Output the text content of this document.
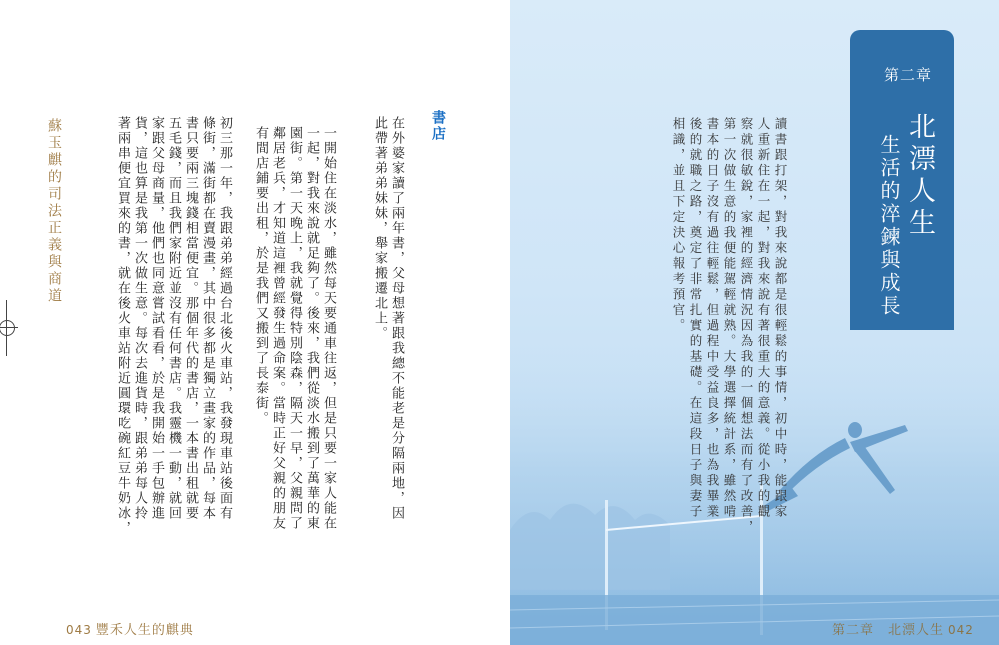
蘇玉麒的司法正義與商道	書店
在外婆家讀了兩年書，父母想著跟我總不能老是分隔兩地，因
此帶著弟弟妹妹，舉家搬遷北上。
一開始住在淡水，雖然每天要通車往返，但是只要一家人能在
一起，對我來說就足夠了。後來，我們從淡水搬到了萬華的東
園街。第一天晚上，我就覺得特別陰森，隔天一早，父親問了
鄰居老兵，才知道這裡曾經發生過命案。當時正好父親的朋友
有間店鋪要出租，於是我們又搬到了長泰街。
初三那一年，我跟弟弟經過台北後火車站，我發現車站後面有
條街，滿街都在賣漫畫，其中很多都是獨立畫家的作品，每本
書只要兩三塊錢相當便宜。那個年代的書店，一本書出租就要
五毛錢，而且我們家附近並沒有任何書店。我靈機一動，就回
家跟父母商量，他們也同意嘗試看看，於是我開始一手包辦進
貨，這也算是我第一次做生意。每次去進貨時，跟弟弟每人拎
著兩串便宜買來的書，就在後火車站附近圓環吃碗紅豆牛奶冰，
043 豐禾人生的麒典
第二章
北漂人生
生活的淬鍊與成長
讀書跟打架，對我來說都是很輕鬆的事情，初中時，能跟家
人重新住在一起，對我來說有著很重大的意義。從小我的觀
察就很敏銳，家裡的經濟情況因為我的一個想法而有了改善，
第一次做生意的我便能駕輕就熟。大學選擇統計系，雖然啃
書本的日子沒有過往輕鬆，但過程中受益良多，也為我畢業
後的就職之路，奠定了非常扎實的基礎。在這段日子與妻子
相識，並且下定決心報考預官。
第二章　北漂人生 042
